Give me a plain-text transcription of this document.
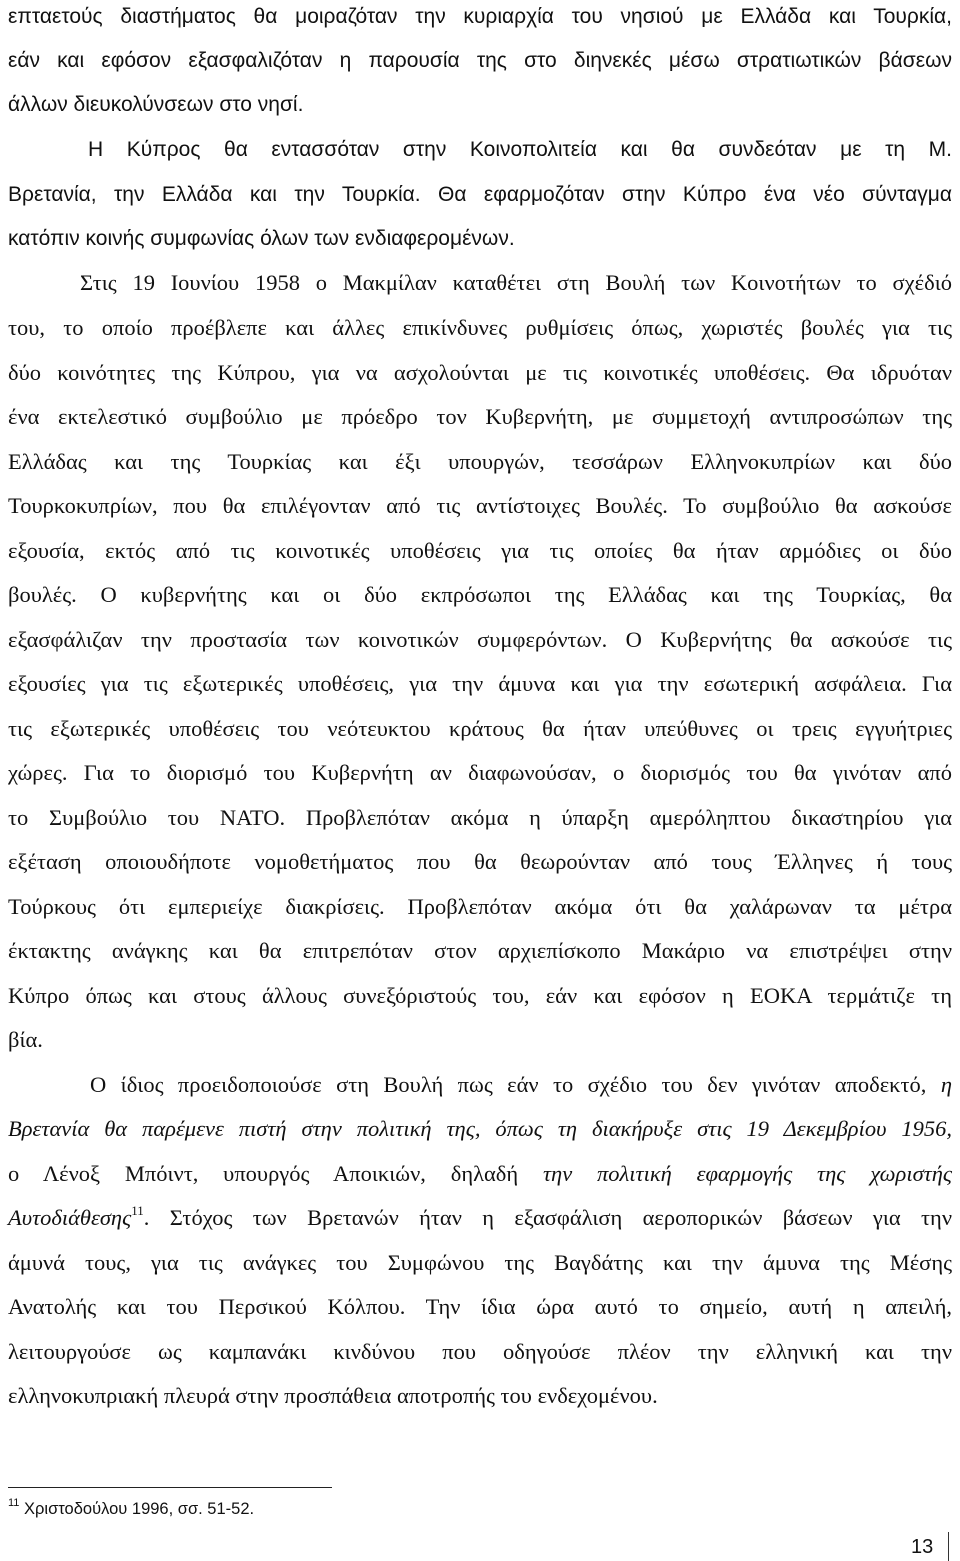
επταετούς διαστήματος θα μοιραζόταν την κυριαρχία του νησιού με Ελλάδα και Τουρκία,
εάν και εφόσον εξασφαλιζόταν η παρουσία της στο διηνεκές μέσω στρατιωτικών βάσεων
άλλων διευκολύνσεων στο νησί.
Η Κύπρος θα εντασσόταν στην Κοινοπολιτεία και θα συνδεόταν με τη Μ.
Βρετανία, την Ελλάδα και την Τουρκία. Θα εφαρμοζόταν στην Κύπρο ένα νέο σύνταγμα
κατόπιν κοινής συμφωνίας όλων των ενδιαφερομένων.
Στις 19 Ιουνίου 1958 ο Μακμίλαν καταθέτει στη Βουλή των Κοινοτήτων το σχέδιό
του, το οποίο προέβλεπε και άλλες επικίνδυνες ρυθμίσεις όπως, χωριστές βουλές για τις
δύο κοινότητες της Κύπρου, για να ασχολούνται με τις κοινοτικές υποθέσεις. Θα ιδρυόταν
ένα εκτελεστικό συμβούλιο με πρόεδρο τον Κυβερνήτη, με συμμετοχή αντιπροσώπων της
Ελλάδας και της Τουρκίας και έξι υπουργών, τεσσάρων Ελληνοκυπρίων και δύο
Τουρκοκυπρίων, που θα επιλέγονταν από τις αντίστοιχες Βουλές. Το συμβούλιο θα ασκούσε
εξουσία, εκτός από τις κοινοτικές υποθέσεις για τις οποίες θα ήταν αρμόδιες οι δύο
βουλές. Ο κυβερνήτης και οι δύο εκπρόσωποι της Ελλάδας και της Τουρκίας, θα
εξασφάλιζαν την προστασία των κοινοτικών συμφερόντων. Ο Κυβερνήτης θα ασκούσε τις
εξουσίες για τις εξωτερικές υποθέσεις, για την άμυνα και για την εσωτερική ασφάλεια. Για
τις εξωτερικές υποθέσεις του νεότευκτου κράτους θα ήταν υπεύθυνες οι τρεις εγγυήτριες
χώρες. Για το διορισμό του Κυβερνήτη αν διαφωνούσαν, ο διορισμός του θα γινόταν από
το Συμβούλιο του ΝΑΤΟ. Προβλεπόταν ακόμα η ύπαρξη αμερόληπτου δικαστηρίου για
εξέταση οποιουδήποτε νομοθετήματος που θα θεωρούνταν από τους Έλληνες ή τους
Τούρκους ότι εμπεριείχε διακρίσεις. Προβλεπόταν ακόμα ότι θα χαλάρωναν τα μέτρα
έκτακτης ανάγκης και θα επιτρεπόταν στον αρχιεπίσκοπο Μακάριο να επιστρέψει στην
Κύπρο όπως και στους άλλους συνεξόριστούς του, εάν και εφόσον η ΕΟΚΑ τερμάτιζε τη
βία.
Ο ίδιος προειδοποιούσε στη Βουλή πως εάν το σχέδιο του δεν γινόταν αποδεκτό, η
Βρετανία θα παρέμενε πιστή στην πολιτική της, όπως τη διακήρυξε στις 19 Δεκεμβρίου 1956,
ο Λένοξ Μπόιντ, υπουργός Αποικιών, δηλαδή την πολιτική εφαρμογής της χωριστής
Αυτοδιάθεσης$^{11}$. Στόχος των Βρετανών ήταν η εξασφάλιση αεροπορικών βάσεων για την
άμυνά τους, για τις ανάγκες του Συμφώνου της Βαγδάτης και την άμυνα της Μέσης
Ανατολής και του Περσικού Κόλπου. Την ίδια ώρα αυτό το σημείο, αυτή η απειλή,
λειτουργούσε ως καμπανάκι κινδύνου που οδηγούσε πλέον την ελληνική και την
ελληνοκυπριακή πλευρά στην προσπάθεια αποτροπής του ενδεχομένου.
$^{11}$ Χριστοδούλου 1996, σσ. 51-52.
13
